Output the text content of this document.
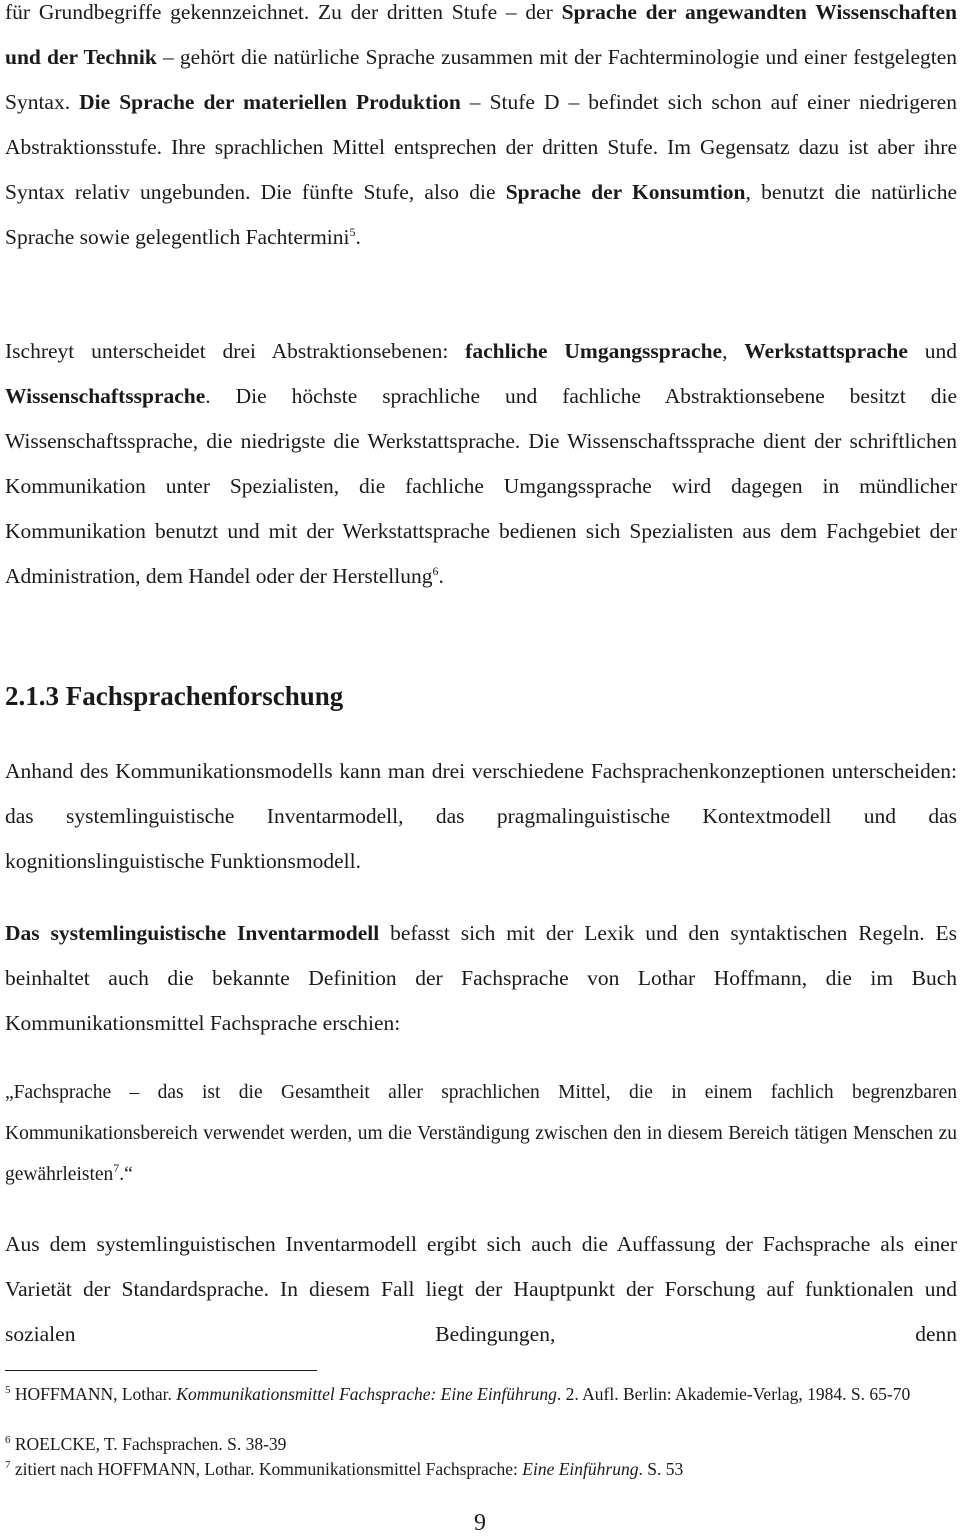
für Grundbegriffe gekennzeichnet. Zu der dritten Stufe – der Sprache der angewandten Wissenschaften und der Technik – gehört die natürliche Sprache zusammen mit der Fachterminologie und einer festgelegten Syntax. Die Sprache der materiellen Produktion – Stufe D – befindet sich schon auf einer niedrigeren Abstraktionsstufe. Ihre sprachlichen Mittel entsprechen der dritten Stufe. Im Gegensatz dazu ist aber ihre Syntax relativ ungebunden. Die fünfte Stufe, also die Sprache der Konsumtion, benutzt die natürliche Sprache sowie gelegentlich Fachtermini$^5$.

Ischreyt unterscheidet drei Abstraktionsebenen: fachliche Umgangssprache, Werkstattsprache und Wissenschaftssprache. Die höchste sprachliche und fachliche Abstraktionsebene besitzt die Wissenschaftssprache, die niedrigste die Werkstattsprache. Die Wissenschaftssprache dient der schriftlichen Kommunikation unter Spezialisten, die fachliche Umgangssprache wird dagegen in mündlicher Kommunikation benutzt und mit der Werkstattsprache bedienen sich Spezialisten aus dem Fachgebiet der Administration, dem Handel oder der Herstellung$^6$.

2.1.3 Fachsprachenforschung

Anhand des Kommunikationsmodells kann man drei verschiedene Fachsprachenkonzeptionen unterscheiden: das systemlinguistische Inventarmodell, das pragmalinguistische Kontextmodell und das kognitionslinguistische Funktionsmodell.

Das systemlinguistische Inventarmodell befasst sich mit der Lexik und den syntaktischen Regeln. Es beinhaltet auch die bekannte Definition der Fachsprache von Lothar Hoffmann, die im Buch Kommunikationsmittel Fachsprache erschien:

„Fachsprache – das ist die Gesamtheit aller sprachlichen Mittel, die in einem fachlich begrenzbaren Kommunikationsbereich verwendet werden, um die Verständigung zwischen den in diesem Bereich tätigen Menschen zu gewährleisten$^7$.“

Aus dem systemlinguistischen Inventarmodell ergibt sich auch die Auffassung der Fachsprache als einer Varietät der Standardsprache. In diesem Fall liegt der Hauptpunkt der Forschung auf funktionalen und sozialen Bedingungen, denn

$^5$ HOFFMANN, Lothar. Kommunikationsmittel Fachsprache: Eine Einführung. 2. Aufl. Berlin: Akademie-Verlag, 1984. S. 65-70

$^6$ ROELCKE, T. Fachsprachen. S. 38-39

$^7$ zitiert nach HOFFMANN, Lothar. Kommunikationsmittel Fachsprache: Eine Einführung. S. 53

9
